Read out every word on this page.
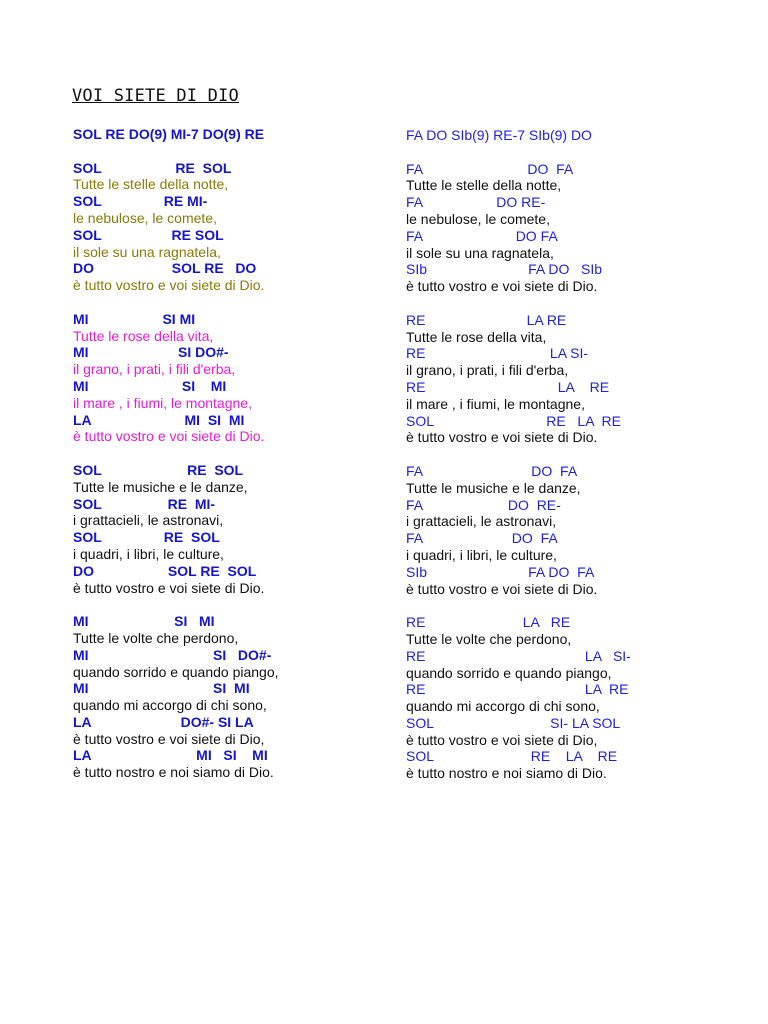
VOI SIETE DI DIO
SOL RE DO(9) MI-7 DO(9) RE
SOL                   RE  SOL
Tutte le stelle della notte,
SOL                RE MI-
le nebulose, le comete,
SOL                  RE SOL
il sole su una ragnatela,
DO                    SOL RE   DO
è tutto vostro e voi siete di Dio.
MI                   SI MI
Tutte le rose della vita,
MI                       SI DO#-
il grano, i prati, i fili d'erba,
MI                        SI    MI
il mare , i fiumi, le montagne,
LA                        MI  SI  MI
è tutto vostro e voi siete di Dio.
SOL                      RE  SOL
Tutte le musiche e le danze,
SOL                 RE  MI-
i grattacieli, le astronavi,
SOL                RE  SOL
i quadri, i libri, le culture,
DO                   SOL RE  SOL
è tutto vostro e voi siete di Dio.
MI                      SI   MI
Tutte le volte che perdono,
MI                                SI   DO#-
quando sorrido e quando piango,
MI                                SI  MI
quando mi accorgo di chi sono,
LA                       DO#- SI LA
è tutto vostro e voi siete di Dio,
LA                           MI   SI    MI
è tutto nostro e noi siamo di Dio.
FA DO SIb(9) RE-7 SIb(9) DO
FA                           DO  FA
Tutte le stelle della notte,
FA                   DO RE-
le nebulose, le comete,
FA                        DO FA
il sole su una ragnatela,
SIb                          FA DO   SIb
è tutto vostro e voi siete di Dio.
RE                          LA RE
Tutte le rose della vita,
RE                                LA SI-
il grano, i prati, i fili d'erba,
RE                                  LA    RE
il mare , i fiumi, le montagne,
SOL                             RE   LA  RE
è tutto vostro e voi siete di Dio.
FA                            DO  FA
Tutte le musiche e le danze,
FA                      DO  RE-
i grattacieli, le astronavi,
FA                       DO  FA
i quadri, i libri, le culture,
SIb                          FA DO  FA
è tutto vostro e voi siete di Dio.
RE                         LA   RE
Tutte le volte che perdono,
RE                                         LA   SI-
quando sorrido e quando piango,
RE                                         LA  RE
quando mi accorgo di chi sono,
SOL                              SI- LA SOL
è tutto vostro e voi siete di Dio,
SOL                         RE    LA    RE
è tutto nostro e noi siamo di Dio.
